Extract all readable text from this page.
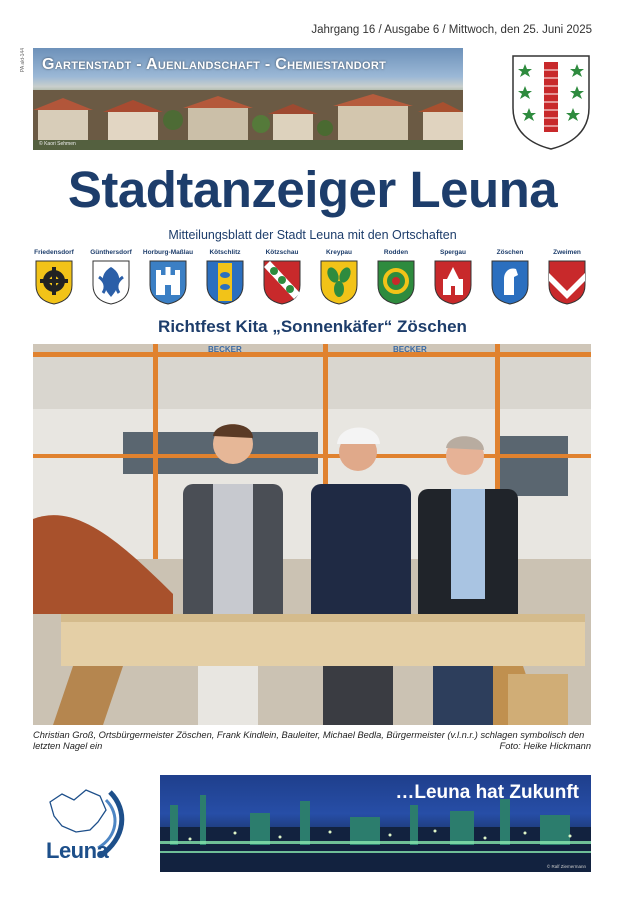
Jahrgang 16 / Ausgabe 6 / Mittwoch, den 25. Juni 2025
PA akt-144 Gartenstadt - Auenlandschaft - Chemiestandort
© Kaori Sehmen
Stadtanzeiger Leuna
Mitteilungsblatt der Stadt Leuna mit den Ortschaften
Friedensdorf	Günthersdorf	Horburg-Maßlau	Kötschlitz	Kötzschau	Kreypau	Rodden	Spergau	Zöschen	Zweimen
Richtfest Kita „Sonnenkäfer“ Zöschen
BECKER	BECKER
Christian Groß, Ortsbürgermeister Zöschen, Frank Kindlein, Bauleiter, Michael Bedla, Bürgermeister (v.l.n.r.) schlagen symbolisch den letzten Nagel ein	Foto: Heike Hickmann
Leuna
…Leuna hat Zukunft
© Ralf Ziemermann
